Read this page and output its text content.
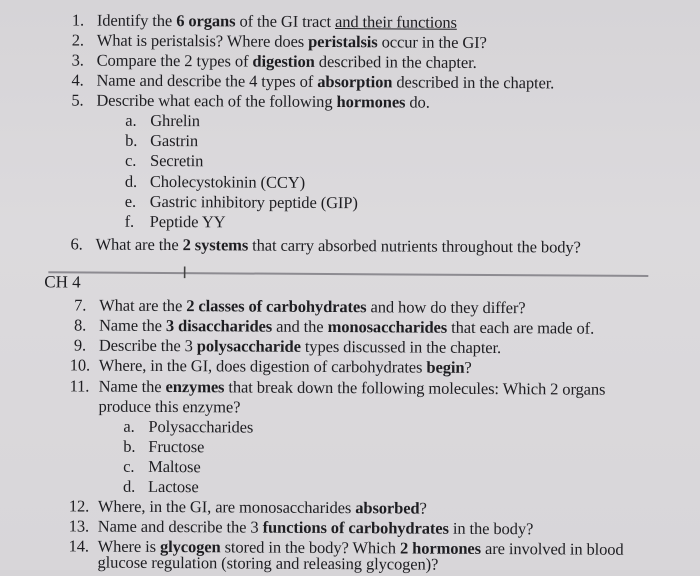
1. Identify the 6 organs of the GI tract and their functions
2. What is peristalsis? Where does peristalsis occur in the GI?
3. Compare the 2 types of digestion described in the chapter.
4. Name and describe the 4 types of absorption described in the chapter.
5. Describe what each of the following hormones do.
a. Ghrelin
b. Gastrin
c. Secretin
d. Cholecystokinin (CCY)
e. Gastric inhibitory peptide (GIP)
f. Peptide YY
6. What are the 2 systems that carry absorbed nutrients throughout the body?
I
CH 4
7. What are the 2 classes of carbohydrates and how do they differ?
8. Name the 3 disaccharides and the monosaccharides that each are made of.
9. Describe the 3 polysaccharide types discussed in the chapter.
10. Where, in the GI, does digestion of carbohydrates begin?
11. Name the enzymes that break down the following molecules: Which 2 organs
produce this enzyme?
a. Polysaccharides
b. Fructose
c. Maltose
d. Lactose
12. Where, in the GI, are monosaccharides absorbed?
13. Name and describe the 3 functions of carbohydrates in the body?
14. Where is glycogen stored in the body? Which 2 hormones are involved in blood
glucose regulation (storing and releasing glycogen)?
